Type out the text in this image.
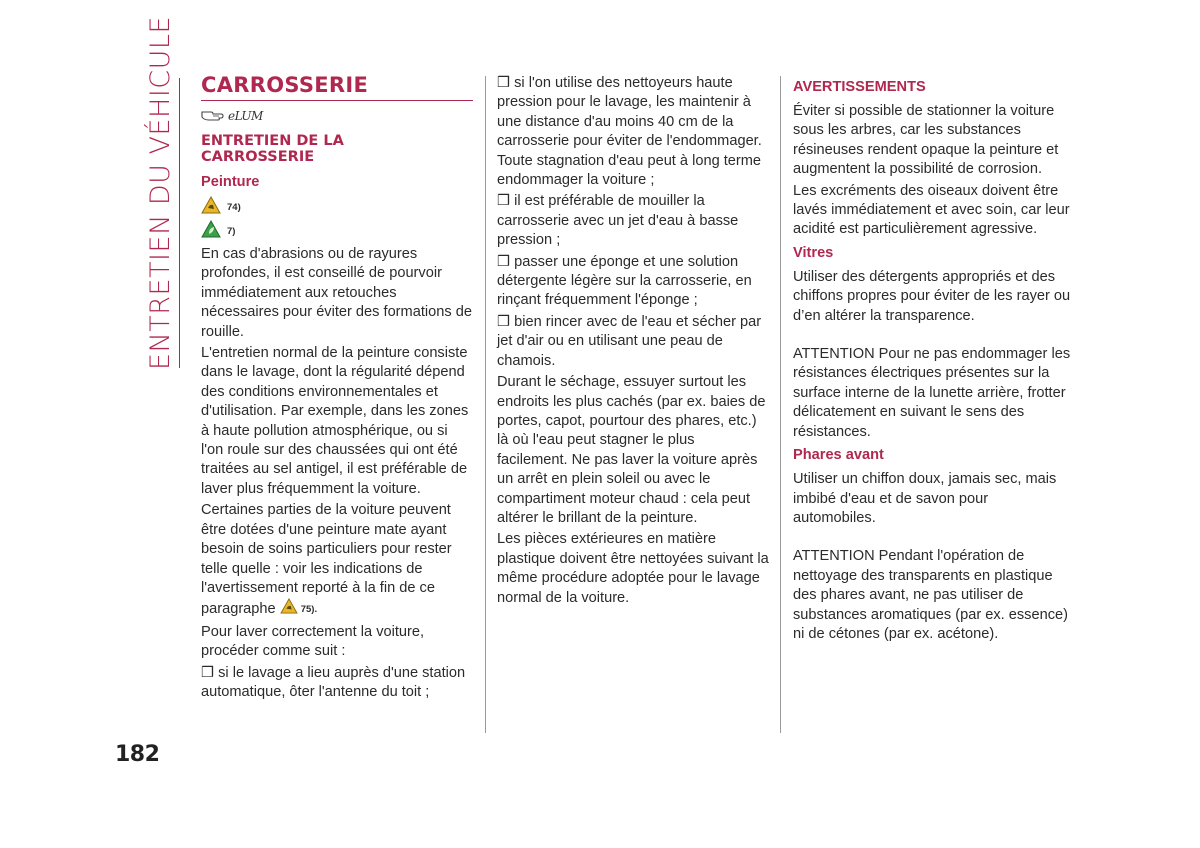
ENTRETIEN DU VÉHICULE
182
CARROSSERIE
eLUM
ENTRETIEN DE LA
CARROSSERIE
Peinture
74)
7)

En cas d'abrasions ou de rayures profondes, il est conseillé de pourvoir immédiatement aux retouches nécessaires pour éviter des formations de rouille.

L'entretien normal de la peinture consiste dans le lavage, dont la régularité dépend des conditions environnementales et d'utilisation. Par exemple, dans les zones à haute pollution atmosphérique, ou si l'on roule sur des chaussées qui ont été traitées au sel antigel, il est préférable de laver plus fréquemment la voiture.

Certaines parties de la voiture peuvent être dotées d'une peinture mate ayant besoin de soins particuliers pour rester telle quelle : voir les indications de l'avertissement reporté à la fin de ce paragraphe	75).

Pour laver correctement la voiture, procéder comme suit :

❒ si le lavage a lieu auprès d'une station automatique, ôter l'antenne du toit ;

❒ si l'on utilise des nettoyeurs haute pression pour le lavage, les maintenir à une distance d'au moins 40 cm de la carrosserie pour éviter de l'endommager. Toute stagnation d'eau peut à long terme endommager la voiture ;

❒ il est préférable de mouiller la carrosserie avec un jet d'eau à basse pression ;

❒ passer une éponge et une solution détergente légère sur la carrosserie, en rinçant fréquemment l'éponge ;

❒ bien rincer avec de l'eau et sécher par jet d'air ou en utilisant une peau de chamois.

Durant le séchage, essuyer surtout les endroits les plus cachés (par ex. baies de portes, capot, pourtour des phares, etc.) là où l'eau peut stagner le plus facilement. Ne pas laver la voiture après un arrêt en plein soleil ou avec le compartiment moteur chaud : cela peut altérer le brillant de la peinture.

Les pièces extérieures en matière plastique doivent être nettoyées suivant la même procédure adoptée pour le lavage normal de la voiture.

AVERTISSEMENTS

Éviter si possible de stationner la voiture sous les arbres, car les substances résineuses rendent opaque la peinture et augmentent la possibilité de corrosion.

Les excréments des oiseaux doivent être lavés immédiatement et avec soin, car leur acidité est particulièrement agressive.

Vitres

Utiliser des détergents appropriés et des chiffons propres pour éviter de les rayer ou d’en altérer la transparence.

ATTENTION Pour ne pas endommager les résistances électriques présentes sur la surface interne de la lunette arrière, frotter délicatement en suivant le sens des résistances.

Phares avant

Utiliser un chiffon doux, jamais sec, mais imbibé d'eau et de savon pour automobiles.

ATTENTION Pendant l'opération de nettoyage des transparents en plastique des phares avant, ne pas utiliser de substances aromatiques (par ex. essence) ni de cétones (par ex. acétone).
